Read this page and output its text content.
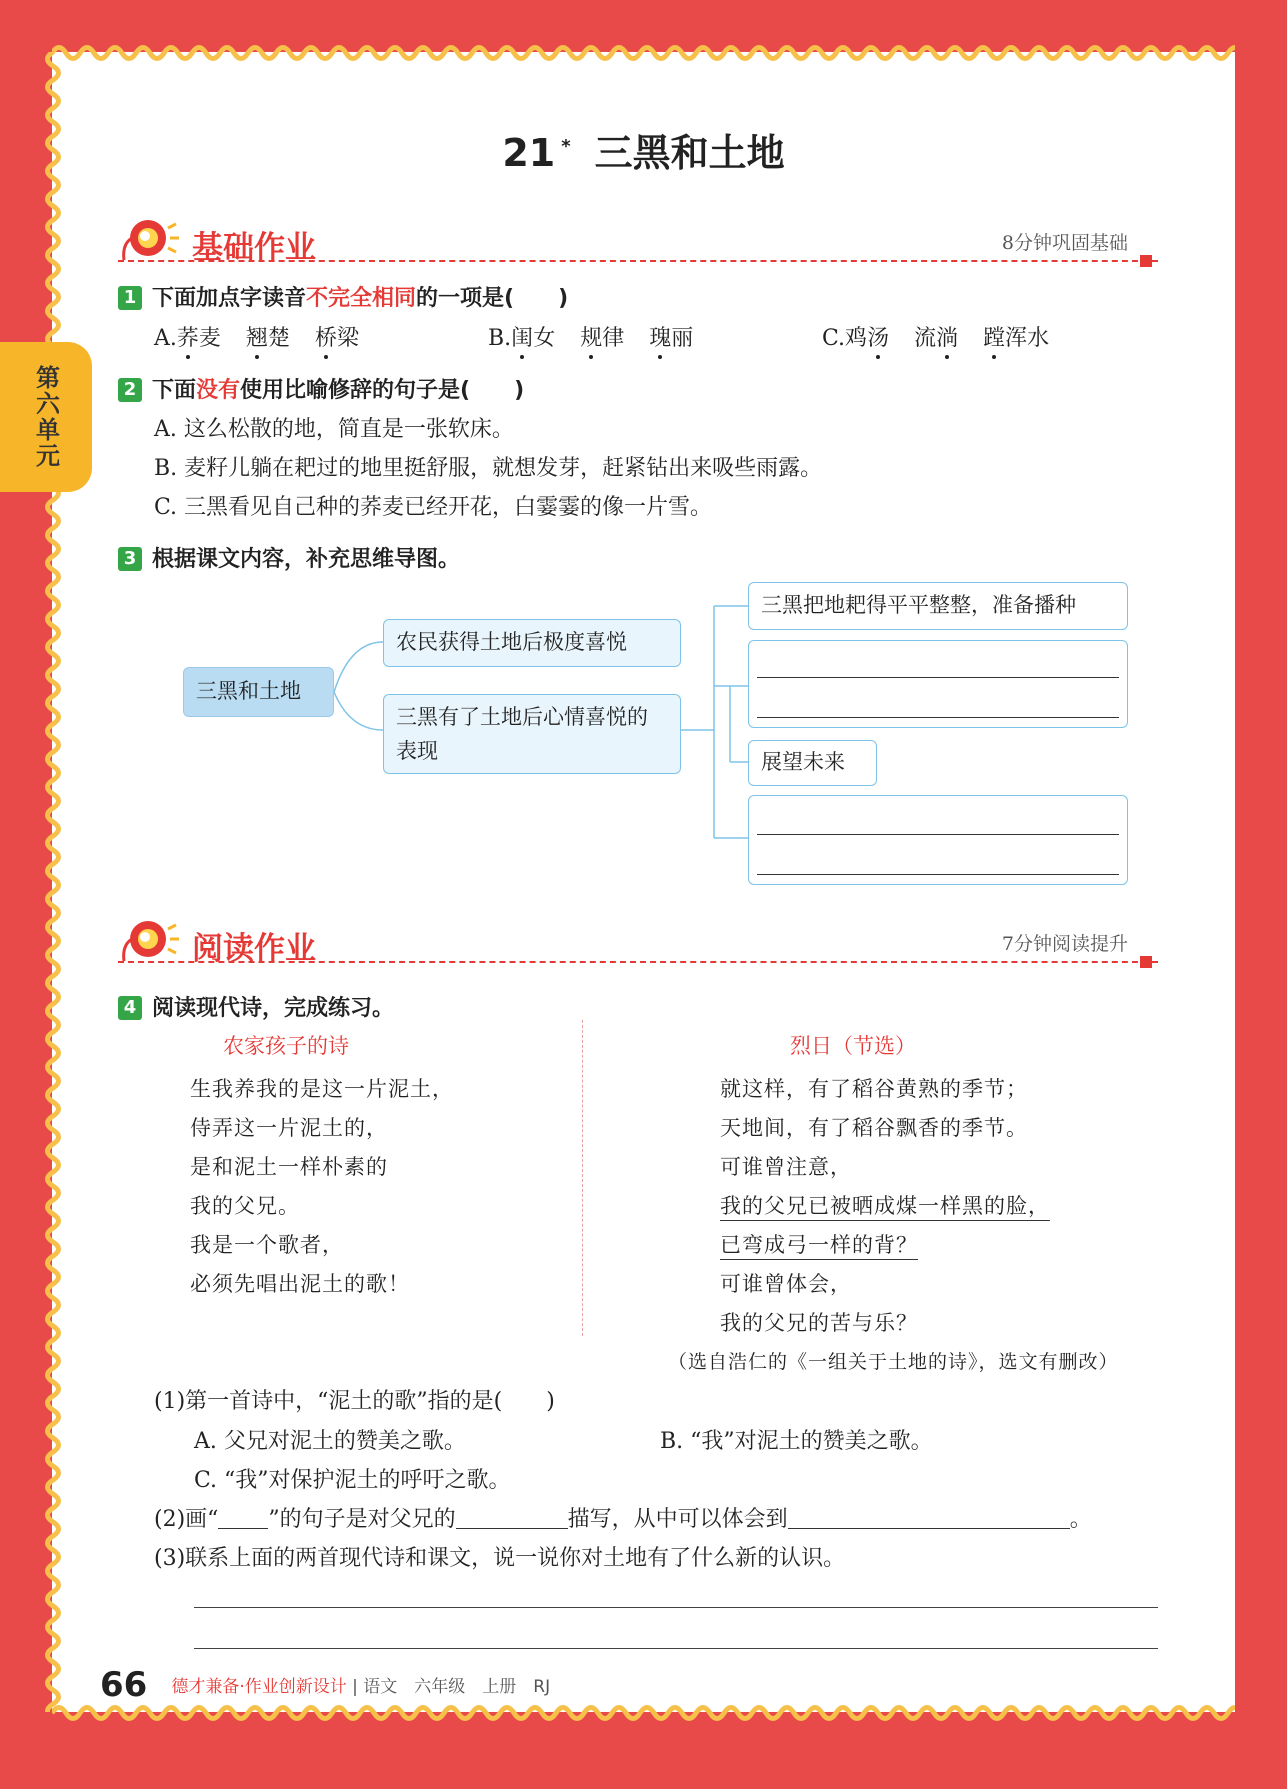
第六单元
21 * 三黑和土地
基础作业	8分钟巩固基础
1 下面加点字读音不完全相同的一项是(　　)
A.荞麦 翘楚 桥梁	B.闺女 规律 瑰丽	C.鸡汤 流淌 蹚浑水
2 下面没有使用比喻修辞的句子是(　　)
A. 这么松散的地，简直是一张软床。
B. 麦籽儿躺在耙过的地里挺舒服，就想发芽，赶紧钻出来吸些雨露。
C. 三黑看见自己种的荞麦已经开花，白霎霎的像一片雪。
3 根据课文内容，补充思维导图。
三黑和土地
农民获得土地后极度喜悦
三黑有了土地后心情喜悦的表现
三黑把地耙得平平整整，准备播种
展望未来
阅读作业	7分钟阅读提升
4 阅读现代诗，完成练习。
农家孩子的诗
生我养我的是这一片泥土，
侍弄这一片泥土的，
是和泥土一样朴素的
我的父兄。
我是一个歌者，
必须先唱出泥土的歌！
烈日（节选）
就这样，有了稻谷黄熟的季节；
天地间，有了稻谷飘香的季节。
可谁曾注意，
我的父兄已被晒成煤一样黑的脸，
已弯成弓一样的背？
可谁曾体会，
我的父兄的苦与乐？
（选自浩仁的《一组关于土地的诗》，选文有删改）
(1)第一首诗中，“泥土的歌”指的是(　　)
A. 父兄对泥土的赞美之歌。	B. “我”对泥土的赞美之歌。
C. “我”对保护泥土的呼吁之歌。
(2)画“ ”的句子是对父兄的	描写，从中可以体会到	。
(3)联系上面的两首现代诗和课文，说一说你对土地有了什么新的认识。
66 德才兼备·作业创新设计 | 语文　六年级　上册　RJ
